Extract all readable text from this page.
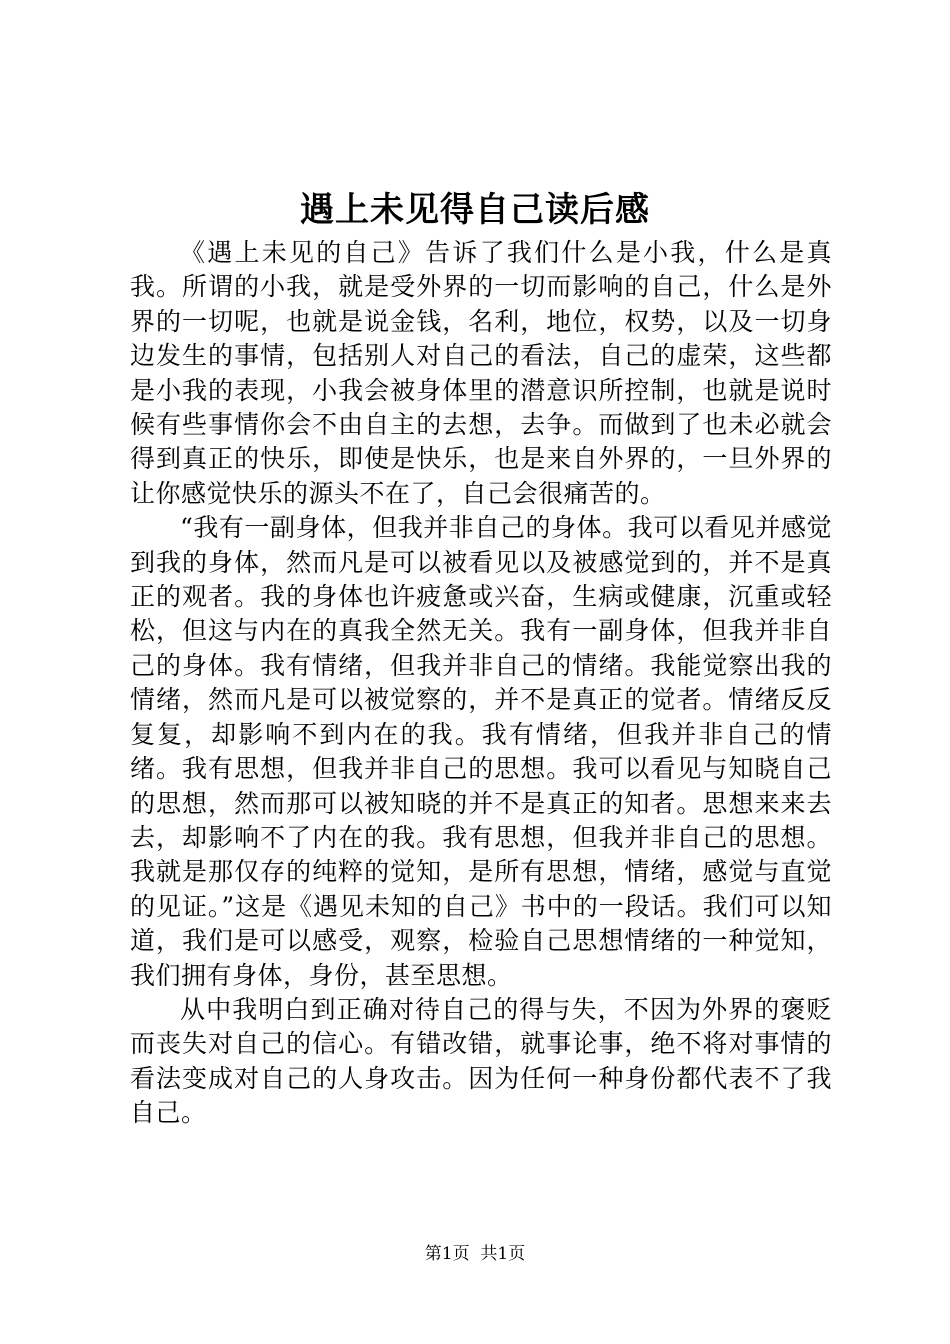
遇上未见得自己读后感

《遇上未见的自己》告诉了我们什么是小我，什么是真我。所谓的小我，就是受外界的一切而影响的自己，什么是外界的一切呢，也就是说金钱，名利，地位，权势，以及一切身边发生的事情，包括别人对自己的看法，自己的虚荣，这些都是小我的表现，小我会被身体里的潜意识所控制，也就是说时候有些事情你会不由自主的去想，去争。而做到了也未必就会得到真正的快乐，即使是快乐，也是来自外界的，一旦外界的让你感觉快乐的源头不在了，自己会很痛苦的。

“我有一副身体，但我并非自己的身体。我可以看见并感觉到我的身体，然而凡是可以被看见以及被感觉到的，并不是真正的观者。我的身体也许疲惫或兴奋，生病或健康，沉重或轻松，但这与内在的真我全然无关。我有一副身体，但我并非自己的身体。我有情绪，但我并非自己的情绪。我能觉察出我的情绪，然而凡是可以被觉察的，并不是真正的觉者。情绪反反复复，却影响不到内在的我。我有情绪，但我并非自己的情绪。我有思想，但我并非自己的思想。我可以看见与知晓自己的思想，然而那可以被知晓的并不是真正的知者。思想来来去去，却影响不了内在的我。我有思想，但我并非自己的思想。我就是那仅存的纯粹的觉知，是所有思想，情绪，感觉与直觉的见证。”这是《遇见未知的自己》书中的一段话。我们可以知道，我们是可以感受，观察，检验自己思想情绪的一种觉知，我们拥有身体，身份，甚至思想。

从中我明白到正确对待自己的得与失，不因为外界的褒贬而丧失对自己的信心。有错改错，就事论事，绝不将对事情的看法变成对自己的人身攻击。因为任何一种身份都代表不了我自己。

第1页  共1页
